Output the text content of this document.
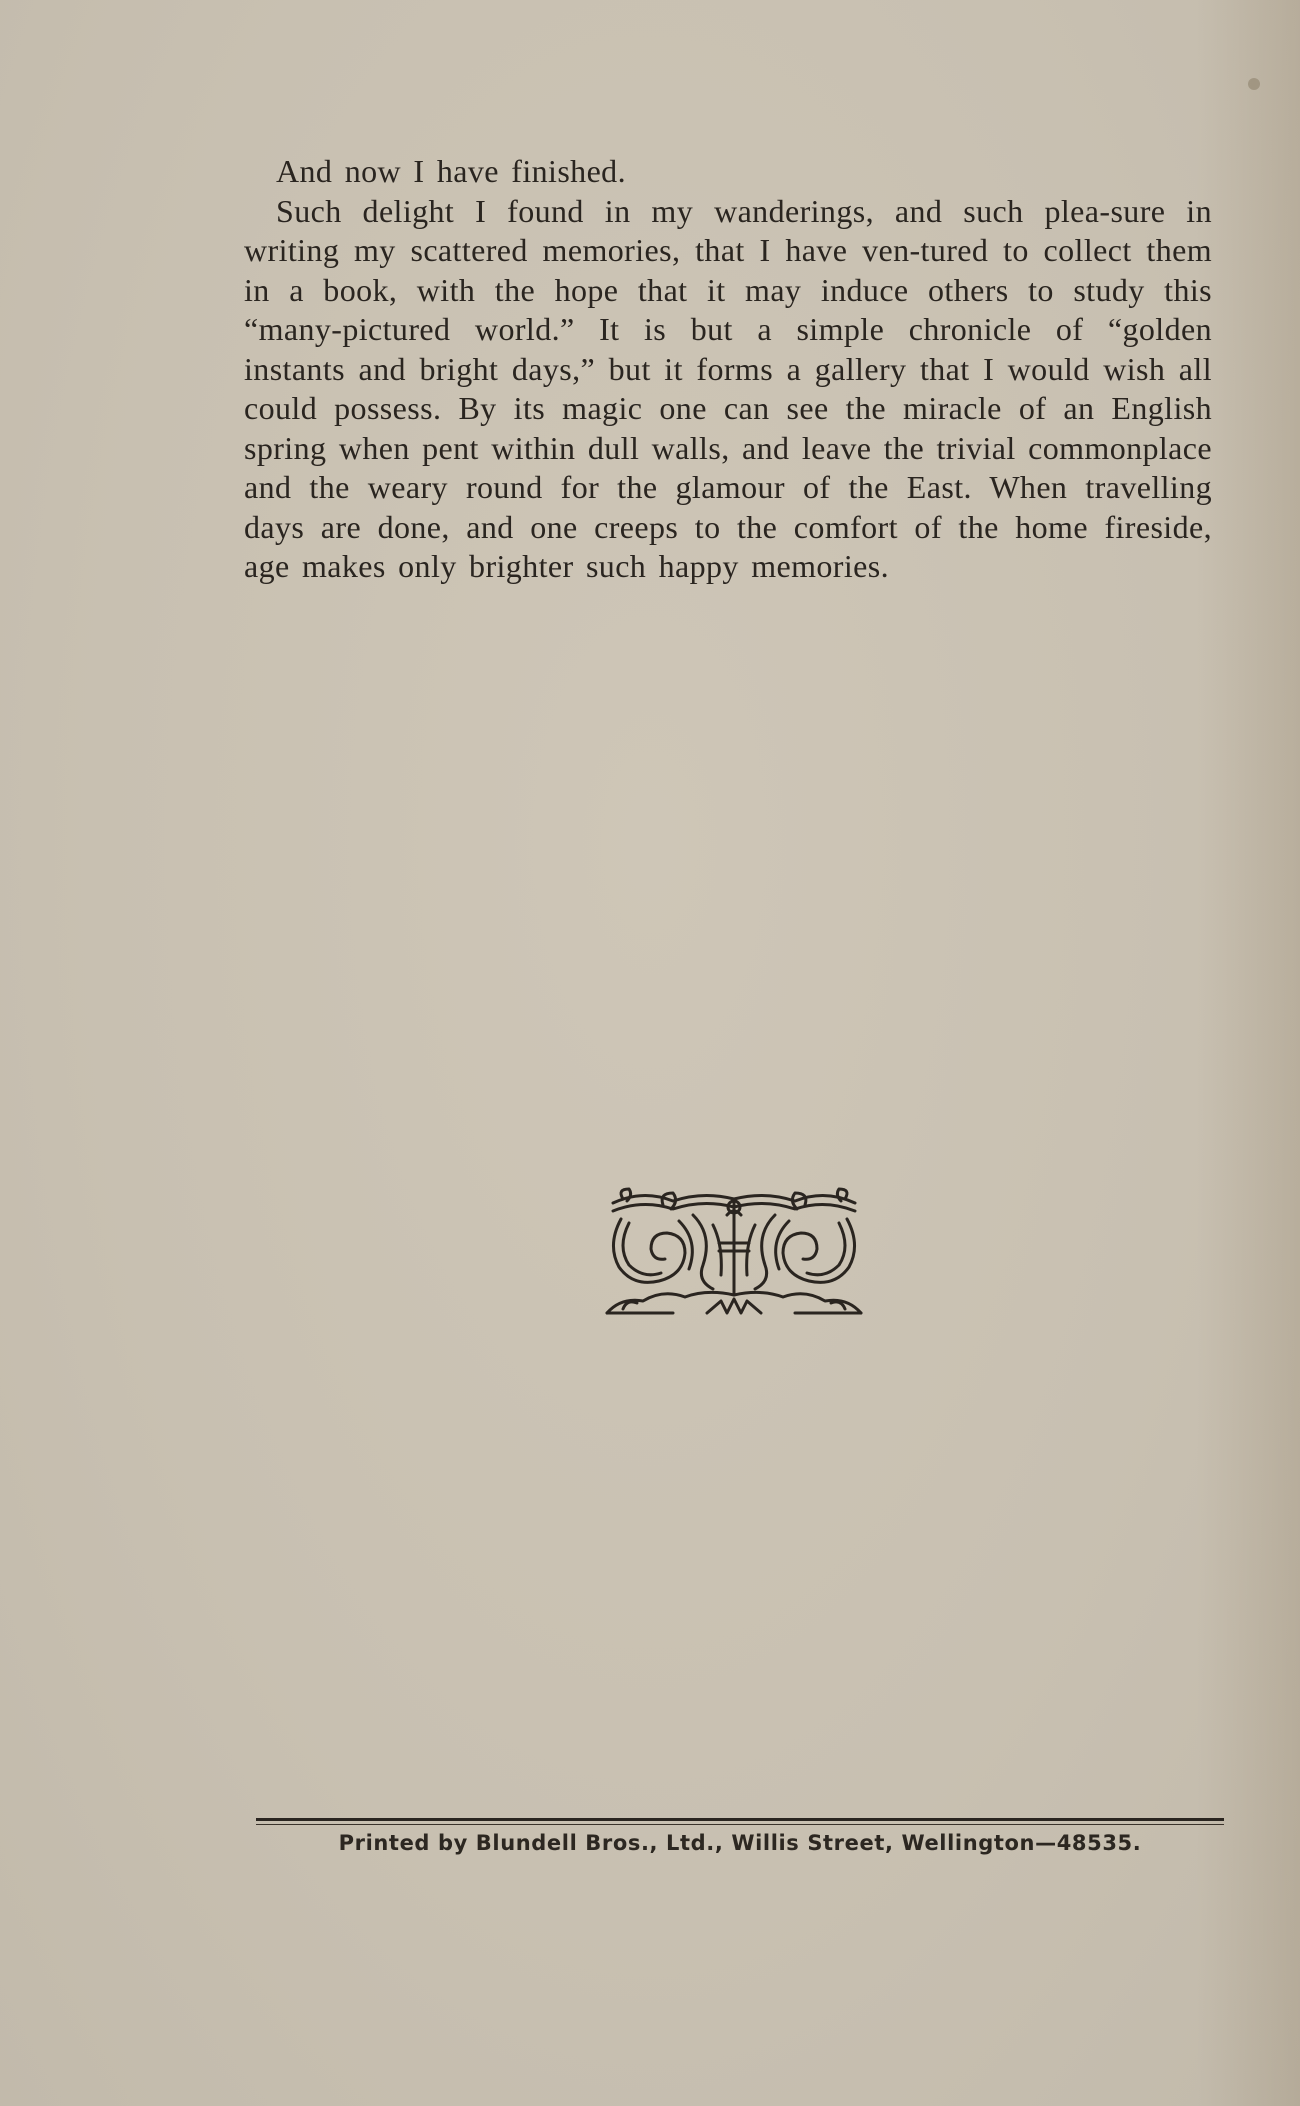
And now I have finished.

Such delight I found in my wanderings, and such plea-sure in writing my scattered memories, that I have ven-tured to collect them in a book, with the hope that it may induce others to study this “many-pictured world.” It is but a simple chronicle of “golden instants and bright days,” but it forms a gallery that I would wish all could possess. By its magic one can see the miracle of an English spring when pent within dull walls, and leave the trivial commonplace and the weary round for the glamour of the East. When travelling days are done, and one creeps to the comfort of the home fireside, age makes only brighter such happy memories.

Printed by Blundell Bros., Ltd., Willis Street, Wellington—48535.
